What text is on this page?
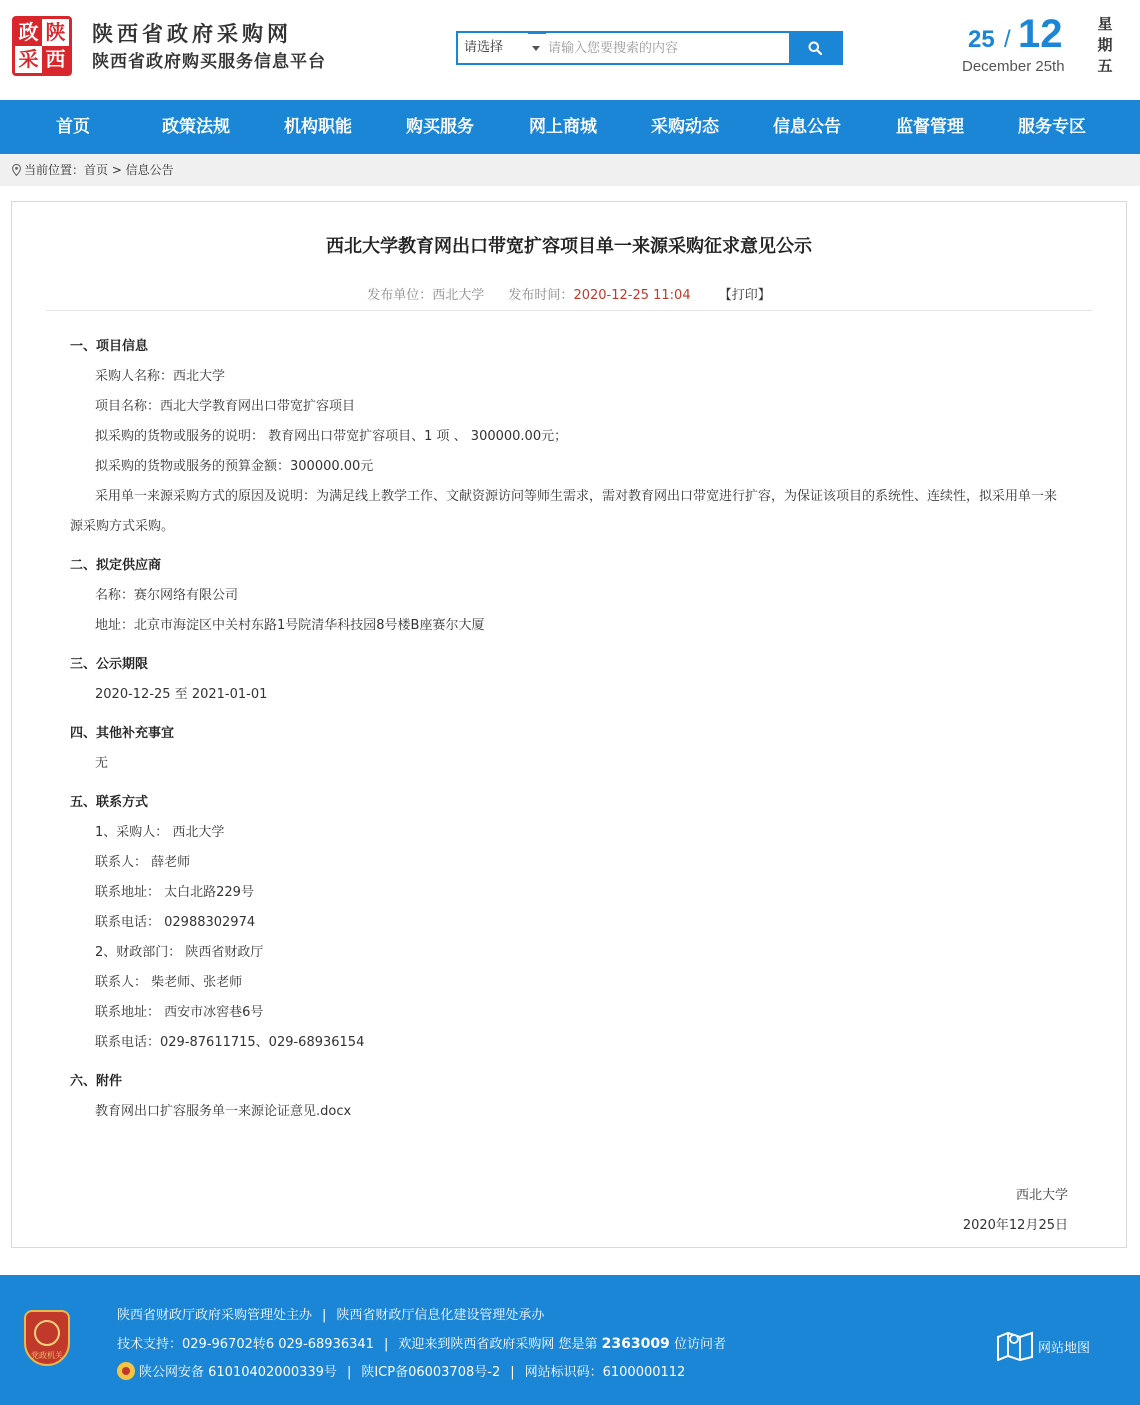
政 陕
采 西
陕西省政府采购网
陕西省政府购买服务信息平台
请选择
请输入您要搜索的内容	25 / 12
December 25th
星
期
五
首页	政策法规	机构职能	购买服务	网上商城	采购动态	信息公告	监督管理	服务专区
当前位置：首页 > 信息公告
西北大学教育网出口带宽扩容项目单一来源采购征求意见公示
发布单位：西北大学 发布时间：2020-12-25 11:04 【打印】
一、项目信息
采购人名称：西北大学
项目名称：西北大学教育网出口带宽扩容项目
拟采购的货物或服务的说明： 教育网出口带宽扩容项目、1 项 、 300000.00元；
拟采购的货物或服务的预算金额：300000.00元
采用单一来源采购方式的原因及说明：为满足线上教学工作、文献资源访问等师生需求，需对教育网出口带宽进行扩容，为保证该项目的系统性、连续性，拟采用单一来
源采购方式采购。
二、拟定供应商
名称：赛尔网络有限公司
地址：北京市海淀区中关村东路1号院清华科技园8号楼B座赛尔大厦
三、公示期限
2020-12-25 至 2021-01-01
四、其他补充事宜
无
五、联系方式
1、采购人： 西北大学
联系人： 薛老师
联系地址： 太白北路229号
联系电话： 02988302974
2、财政部门： 陕西省财政厅
联系人： 柴老师、张老师
联系地址： 西安市冰窖巷6号
联系电话：029-87611715、029-68936154
六、附件
教育网出口扩容服务单一来源论证意见.docx
西北大学
2020年12月25日
党政机关
陕西省财政厅政府采购管理处主办 | 陕西省财政厅信息化建设管理处承办
技术支持：029-96702转6 029-68936341 | 欢迎来到陕西省政府采购网 您是第 2363009 位访问者
陕公网安备 61010402000339号 | 陕ICP备06003708号-2 | 网站标识码：6100000112
网站地图
